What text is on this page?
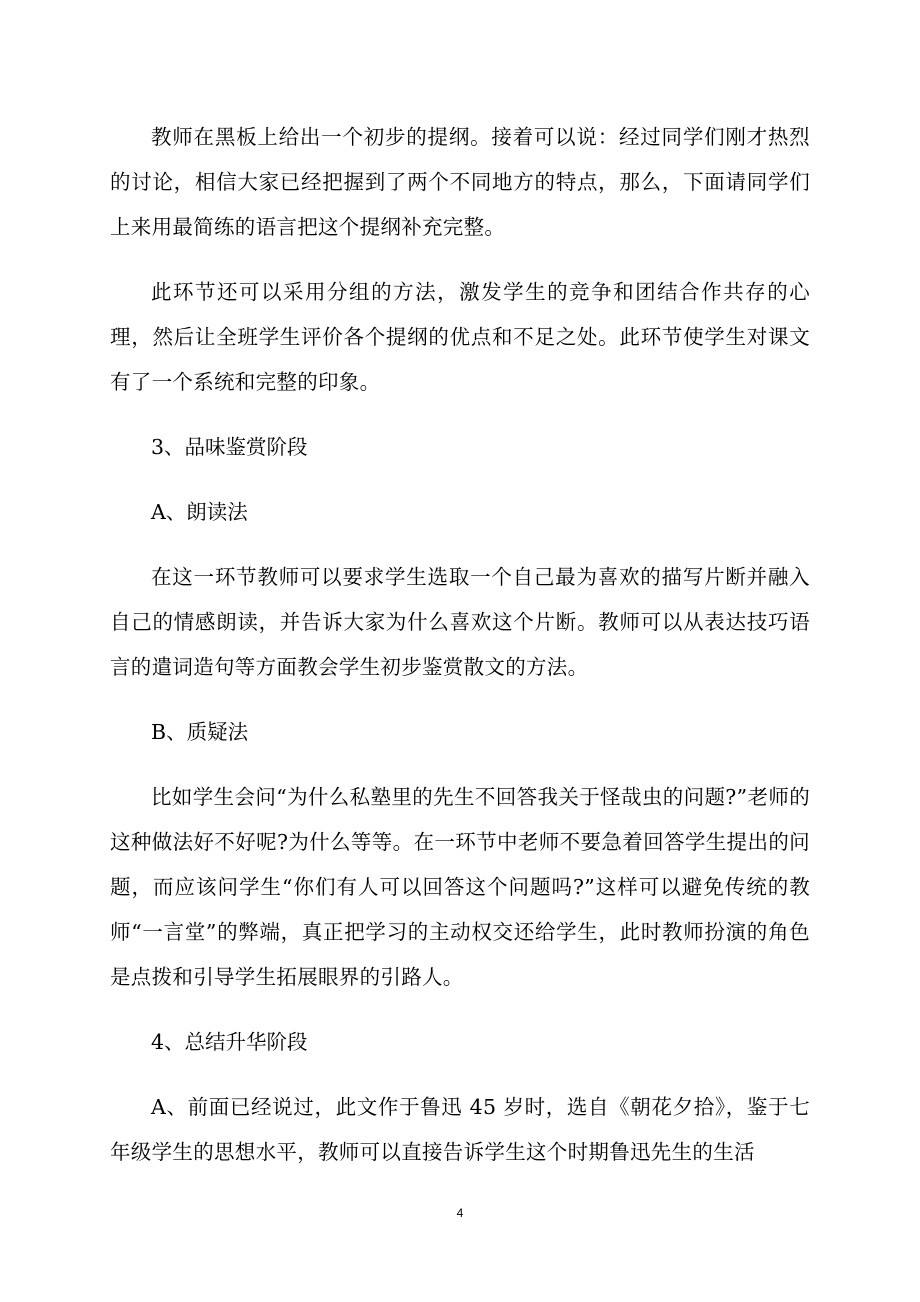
教师在黑板上给出一个初步的提纲。接着可以说：经过同学们刚才热烈的讨论，相信大家已经把握到了两个不同地方的特点，那么，下面请同学们上来用最简练的语言把这个提纲补充完整。

此环节还可以采用分组的方法，激发学生的竞争和团结合作共存的心理，然后让全班学生评价各个提纲的优点和不足之处。此环节使学生对课文有了一个系统和完整的印象。

3、品味鉴赏阶段

A、朗读法

在这一环节教师可以要求学生选取一个自己最为喜欢的描写片断并融入自己的情感朗读，并告诉大家为什么喜欢这个片断。教师可以从表达技巧语言的遣词造句等方面教会学生初步鉴赏散文的方法。

B、质疑法

比如学生会问“为什么私塾里的先生不回答我关于怪哉虫的问题?”老师的这种做法好不好呢?为什么等等。在一环节中老师不要急着回答学生提出的问题，而应该问学生“你们有人可以回答这个问题吗?”这样可以避免传统的教师“一言堂”的弊端，真正把学习的主动权交还给学生，此时教师扮演的角色是点拨和引导学生拓展眼界的引路人。

4、总结升华阶段

A、前面已经说过，此文作于鲁迅 45 岁时，选自《朝花夕拾》，鉴于七年级学生的思想水平，教师可以直接告诉学生这个时期鲁迅先生的生活

4
